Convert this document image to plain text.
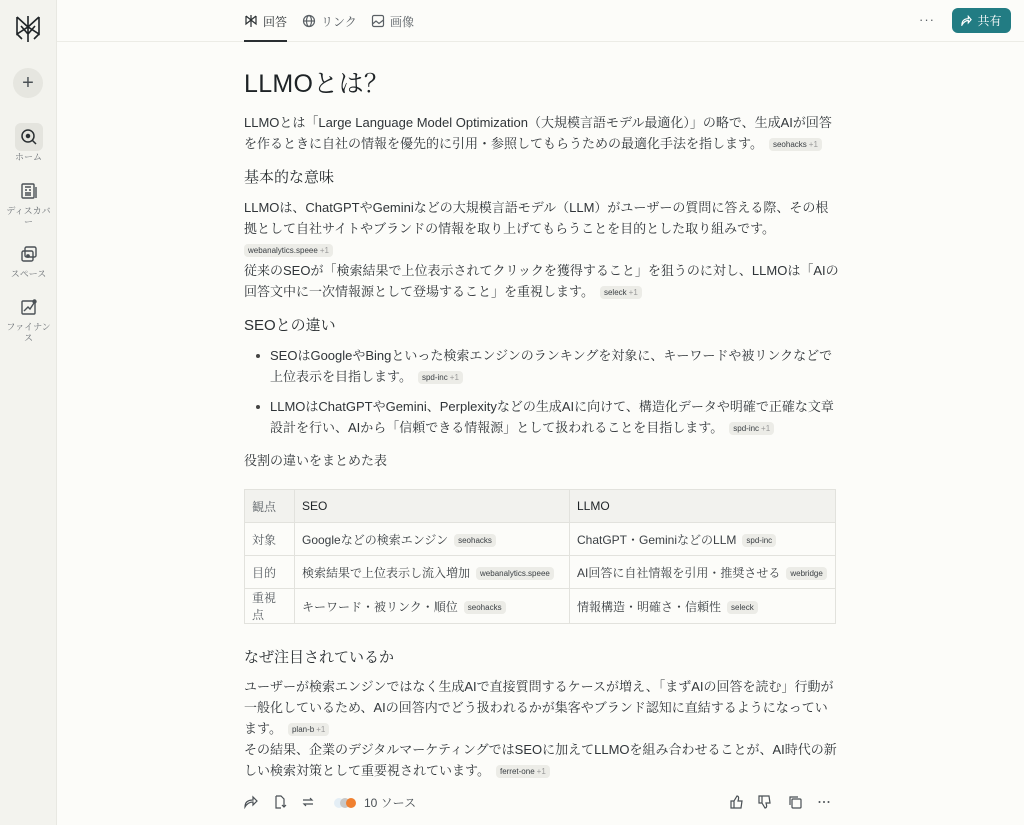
+
ホーム
ディスカバー
スペース
ファイナンス
回答	リンク	画像	···	共有
LLMOとは？

LLMOとは「Large Language Model Optimization（大規模言語モデル最適化）」の略で、生成AIが回答を作るときに自社の情報を優先的に引用・参照してもらうための最適化手法を指します。 seohacks +1

基本的な意味

LLMOは、ChatGPTやGeminiなどの大規模言語モデル（LLM）がユーザーの質問に答える際、その根拠として自社サイトやブランドの情報を取り上げてもらうことを目的とした取り組みです。
webanalytics.speee +1

従来のSEOが「検索結果で上位表示されてクリックを獲得すること」を狙うのに対し、LLMOは「AIの回答文中に一次情報源として登場すること」を重視します。 seleck +1

SEOとの違い
SEOはGoogleやBingといった検索エンジンのランキングを対象に、キーワードや被リンクなどで上位表示を目指します。 spd-inc +1
LLMOはChatGPTやGemini、Perplexityなどの生成AIに向けて、構造化データや明確で正確な文章設計を行い、AIから「信頼できる情報源」として扱われることを目指します。 spd-inc +1

役割の違いをまとめた表

観点	SEO	LLMO
対象	Googleなどの検索エンジン seohacks	ChatGPT・GeminiなどのLLM spd-inc
目的	検索結果で上位表示し流入増加 webanalytics.speee	AI回答に自社情報を引用・推奨させる webridge
重視点	キーワード・被リンク・順位 seohacks	情報構造・明確さ・信頼性 seleck
なぜ注目されているか

ユーザーが検索エンジンではなく生成AIで直接質問するケースが増え、「まずAIの回答を読む」行動が一般化しているため、AIの回答内でどう扱われるかが集客やブランド認知に直結するようになっています。 plan-b +1

その結果、企業のデジタルマーケティングではSEOに加えてLLMOを組み合わせることが、AI時代の新しい検索対策として重要視されています。 ferret-one +1

10 ソース
